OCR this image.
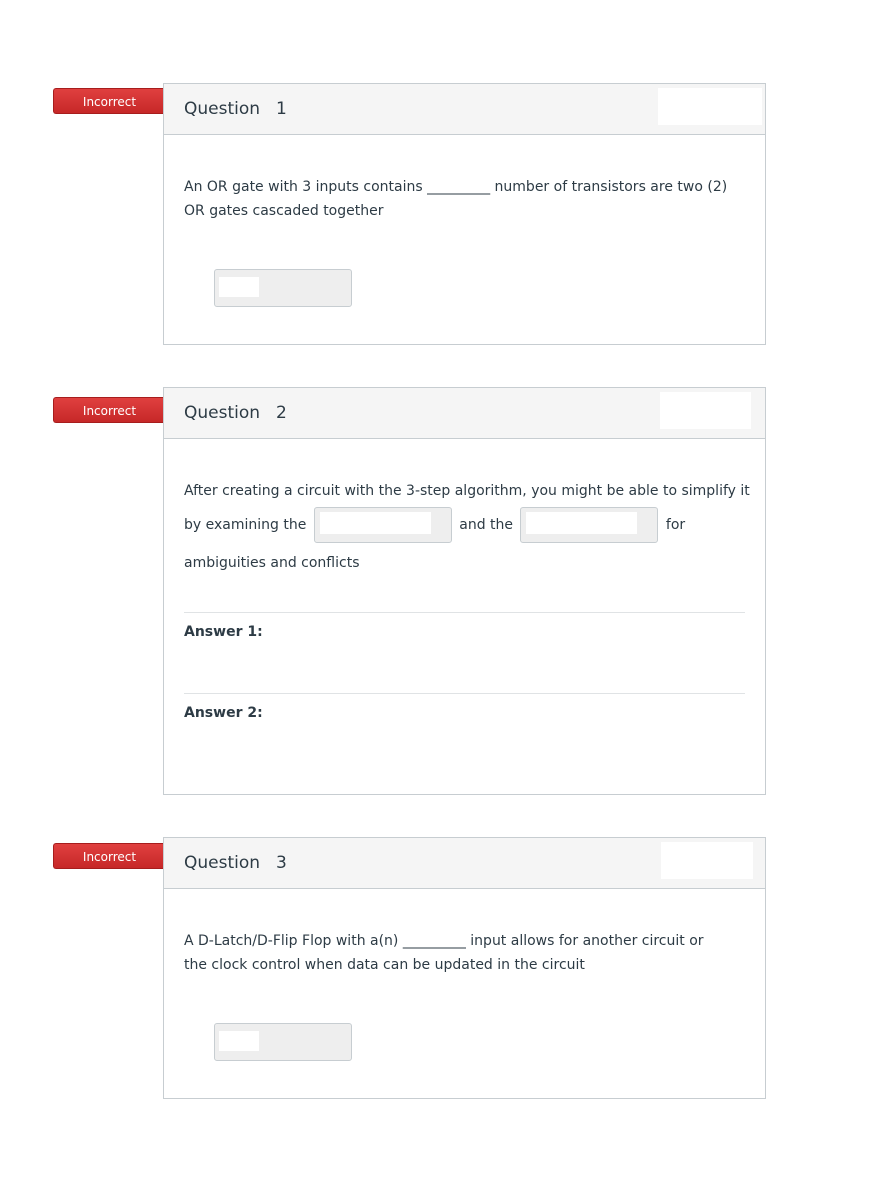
Incorrect	Question 1
An OR gate with 3 inputs contains _________ number of transistors are two (2)
OR gates cascaded together
Incorrect	Question 2
After creating a circuit with the 3-step algorithm, you might be able to simplify it
by examining the	and the	for
ambiguities and conflicts
Answer 1:
Answer 2:
Incorrect	Question 3
A D-Latch/D-Flip Flop with a(n) _________ input allows for another circuit or
the clock control when data can be updated in the circuit
